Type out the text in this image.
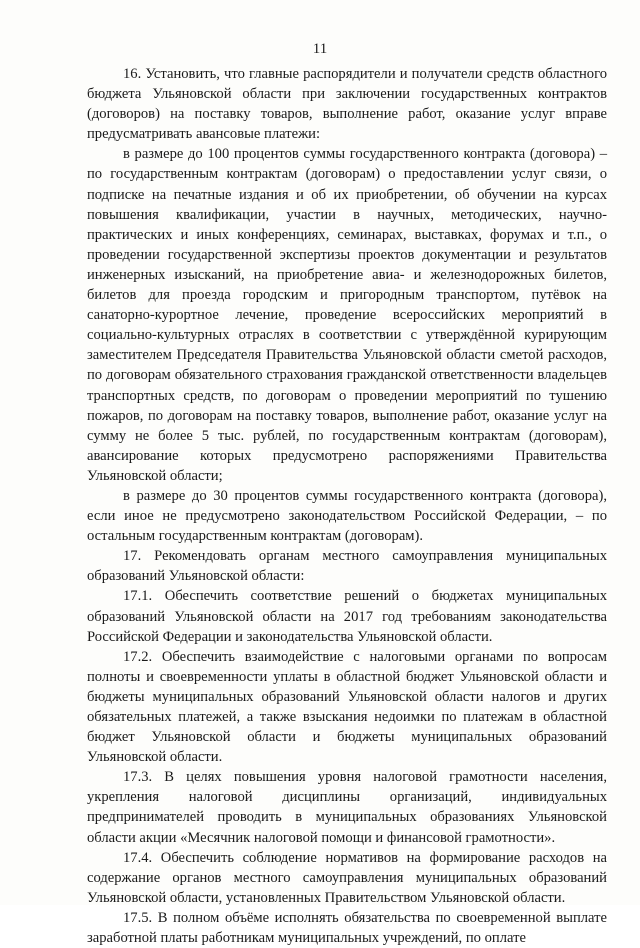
11

16. Установить, что главные распорядители и получатели средств областного бюджета Ульяновской области при заключении государственных контрактов (договоров) на поставку товаров, выполнение работ, оказание услуг вправе предусматривать авансовые платежи:

в размере до 100 процентов суммы государственного контракта (договора) – по государственным контрактам (договорам) о предоставлении услуг связи, о подписке на печатные издания и об их приобретении, об обучении на курсах повышения квалификации, участии в научных, методических, научно-практических и иных конференциях, семинарах, выставках, форумах и т.п., о проведении государственной экспертизы проектов документации и результатов инженерных изысканий, на приобретение авиа- и железнодорожных билетов, билетов для проезда городским и пригородным транспортом, путёвок на санаторно-курортное лечение, проведение всероссийских мероприятий в социально-культурных отраслях в соответствии с утверждённой курирующим заместителем Председателя Правительства Ульяновской области сметой расходов, по договорам обязательного страхования гражданской ответственности владельцев транспортных средств, по договорам о проведении мероприятий по тушению пожаров, по договорам на поставку товаров, выполнение работ, оказание услуг на сумму не более 5 тыс. рублей, по государственным контрактам (договорам), авансирование которых предусмотрено распоряжениями Правительства Ульяновской области;

в размере до 30 процентов суммы государственного контракта (договора), если иное не предусмотрено законодательством Российской Федерации, – по остальным государственным контрактам (договорам).

17. Рекомендовать органам местного самоуправления муниципальных образований Ульяновской области:

17.1. Обеспечить соответствие решений о бюджетах муниципальных образований Ульяновской области на 2017 год требованиям законодательства Российской Федерации и законодательства Ульяновской области.

17.2. Обеспечить взаимодействие с налоговыми органами по вопросам полноты и своевременности уплаты в областной бюджет Ульяновской области и бюджеты муниципальных образований Ульяновской области налогов и других обязательных платежей, а также взыскания недоимки по платежам в областной бюджет Ульяновской области и бюджеты муниципальных образований Ульяновской области.

17.3. В целях повышения уровня налоговой грамотности населения, укрепления налоговой дисциплины организаций, индивидуальных предпринимателей проводить в муниципальных образованиях Ульяновской области акции «Месячник налоговой помощи и финансовой грамотности».

17.4. Обеспечить соблюдение нормативов на формирование расходов на содержание органов местного самоуправления муниципальных образований Ульяновской области, установленных Правительством Ульяновской области.

17.5. В полном объёме исполнять обязательства по своевременной выплате заработной платы работникам муниципальных учреждений, по оплате
